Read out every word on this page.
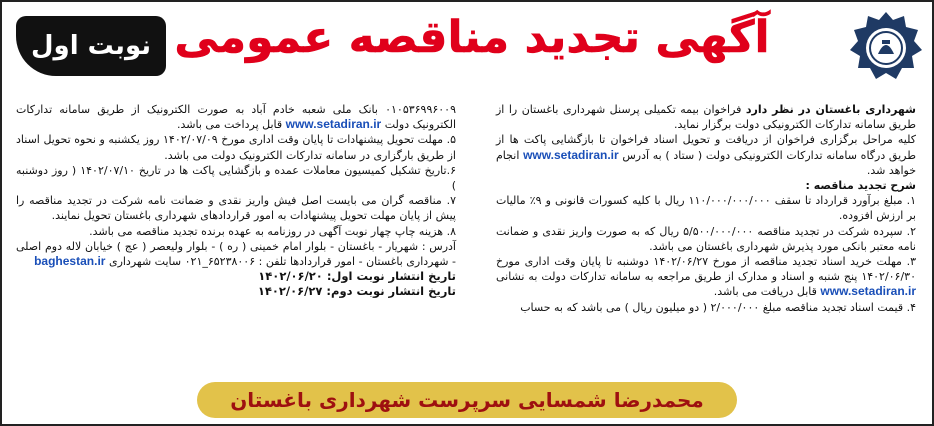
نوبت اول آگهی تجدید مناقصه عمومی

شهرداری باغستان در نظر دارد فراخوان بیمه تکمیلی پرسنل شهرداری باغستان را از طریق سامانه تدارکات الکترونیکی دولت برگزار نماید.

کلیه مراحل برگزاری فراخوان از دریافت و تحویل اسناد فراخوان تا بازگشایی پاکت ها از طریق درگاه سامانه تدارکات الکترونیکی دولت ( ستاد ) به آدرس www.setadiran.ir انجام خواهد شد.

شرح تجدید مناقصه :

۱. مبلغ برآورد قرارداد تا سقف ۱۱۰/۰۰۰/۰۰۰/۰۰۰ ریال با کلیه کسورات قانونی و ۹٪ مالیات بر ارزش افزوده.

۲. سپرده شرکت در تجدید مناقصه ۵/۵۰۰/۰۰۰/۰۰۰ ریال که به صورت واریز نقدی و ضمانت نامه معتبر بانکی مورد پذیرش شهرداری باغستان می باشد.

۳. مهلت خرید اسناد تجدید مناقصه از مورخ ۱۴۰۲/۰۶/۲۷ دوشنبه تا پایان وقت اداری مورخ ۱۴۰۲/۰۶/۳۰ پنج شنبه و اسناد و مدارک از طریق مراجعه به سامانه تدارکات دولت به نشانی www.setadiran.ir قابل دریافت می باشد.

۴. قیمت اسناد تجدید مناقصه مبلغ ۲/۰۰۰/۰۰۰ ( دو میلیون ریال ) می باشد که به حساب

۰۱۰۵۳۶۹۹۶۰۰۹ بانک ملی شعبه خادم آباد به صورت الکترونیک از طریق سامانه تدارکات الکترونیک دولت www.setadiran.ir قابل پرداخت می باشد.

۵. مهلت تحویل پیشنهادات تا پایان وقت اداری مورخ ۱۴۰۲/۰۷/۰۹ روز یکشنبه و نحوه تحویل اسناد از طریق بارگزاری در سامانه تدارکات الکترونیک دولت می باشد.

۶.تاریخ تشکیل کمیسیون معاملات عمده و بازگشایی پاکت ها در تاریخ ۱۴۰۲/۰۷/۱۰ ( روز دوشنبه )

۷. مناقصه گران می بایست اصل فیش واریز نقدی و ضمانت نامه شرکت در تجدید مناقصه را پیش از پایان مهلت تحویل پیشنهادات به امور قراردادهای شهرداری باغستان تحویل نمایند.

۸. هزینه چاپ چهار نوبت آگهی در روزنامه به عهده برنده تجدید مناقصه می باشد.

آدرس : شهریار - باغستان - بلوار امام خمینی ( ره ) - بلوار ولیعصر ( عج ) خیابان لاله دوم اصلی - شهرداری باغستان - امور قراردادها تلفن : ۶۵۲۳۸۰۰۶_۰۲۱ سایت شهرداری baghestan.ir

تاریخ انتشار نوبت اول: ۱۴۰۲/۰۶/۲۰

تاریخ انتشار نوبت دوم: ۱۴۰۲/۰۶/۲۷

محمدرضا شمسایی سرپرست شهرداری باغستان
